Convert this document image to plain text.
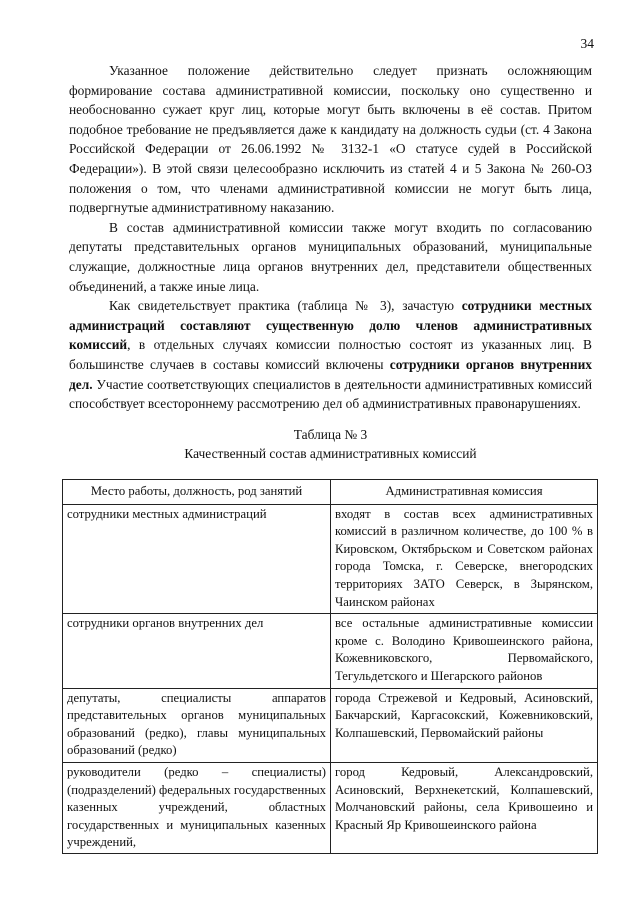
34

Указанное положение действительно следует признать осложняющим формирование состава административной комиссии, поскольку оно существенно и необоснованно сужает круг лиц, которые могут быть включены в её состав. Притом подобное требование не предъявляется даже к кандидату на должность судьи (ст. 4 Закона Российской Федерации от 26.06.1992 № 3132-1 «О статусе судей в Российской Федерации»). В этой связи целесообразно исключить из статей 4 и 5 Закона № 260-ОЗ положения о том, что членами административной комиссии не могут быть лица, подвергнутые административному наказанию.

В состав административной комиссии также могут входить по согласованию депутаты представительных органов муниципальных образований, муниципальные служащие, должностные лица органов внутренних дел, представители общественных объединений, а также иные лица.

Как свидетельствует практика (таблица № 3), зачастую сотрудники местных администраций составляют существенную долю членов административных комиссий, в отдельных случаях комиссии полностью состоят из указанных лиц. В большинстве случаев в составы комиссий включены сотрудники органов внутренних дел. Участие соответствующих специалистов в деятельности административных комиссий способствует всестороннему рассмотрению дел об административных правонарушениях.

Таблица № 3
Качественный состав административных комиссий
Место работы, должность, род занятий	Административная комиссия
сотрудники местных администраций	входят в состав всех административных комиссий в различном количестве, до 100 % в Кировском, Октябрьском и Советском районах города Томска, г. Северске, внегородских территориях ЗАТО Северск, в Зырянском, Чаинском районах
сотрудники органов внутренних дел	все остальные административные комиссии кроме с. Володино Кривошеинского района, Кожевниковского, Первомайского, Тегульдетского и Шегарского районов
депутаты, специалисты аппаратов представительных органов муниципальных образований (редко), главы муниципальных образований (редко)	города Стрежевой и Кедровый, Асиновский, Бакчарский, Каргасокский, Кожевниковский, Колпашевский, Первомайский районы
руководители (редко – специалисты) (подразделений) федеральных государственных казенных учреждений, областных государственных и муниципальных казенных учреждений,	город Кедровый, Александровский, Асиновский, Верхнекетский, Колпашевский, Молчановский районы, села Кривошеино и Красный Яр Кривошеинского района
